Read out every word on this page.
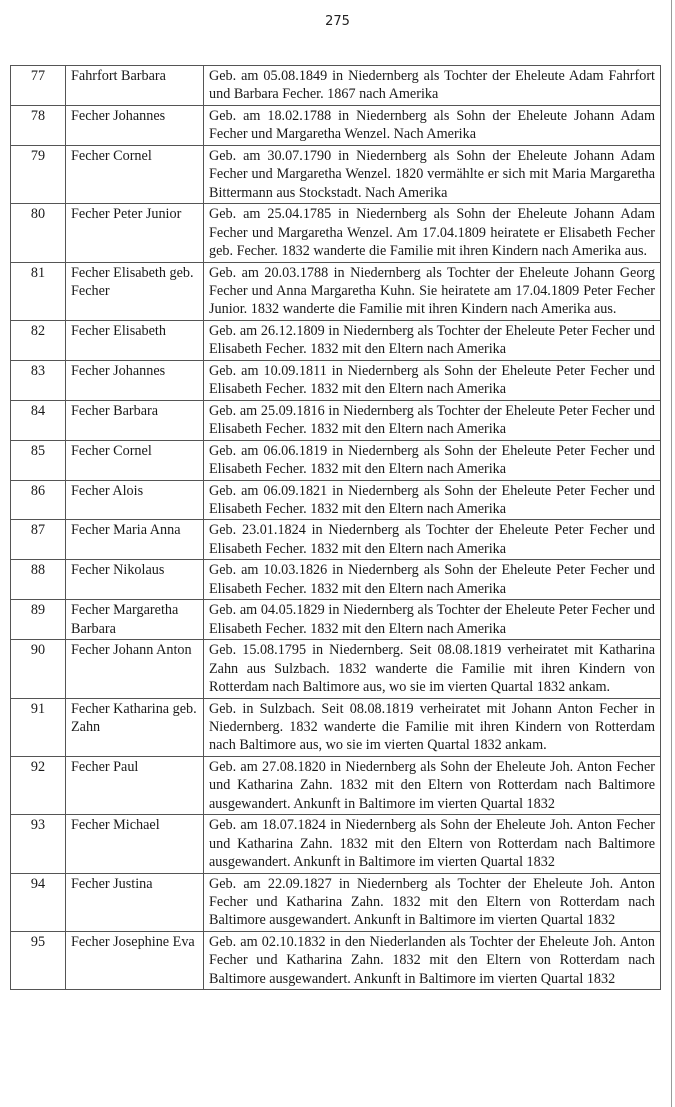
275
77	Fahrfort Barbara	Geb. am 05.08.1849 in Niedernberg als Tochter der Eheleute Adam Fahrfort und Barbara Fecher. 1867 nach Amerika

78	Fecher Johannes	Geb. am 18.02.1788 in Niedernberg als Sohn der Eheleute Johann Adam Fecher und Margaretha Wenzel. Nach Amerika

79	Fecher Cornel	Geb. am 30.07.1790 in Niedernberg als Sohn der Eheleute Johann Adam Fecher und Margaretha Wenzel. 1820 vermählte er sich mit Maria Margaretha Bittermann aus Stockstadt. Nach Amerika

80	Fecher Peter Junior	Geb. am 25.04.1785 in Niedernberg als Sohn der Eheleute Johann Adam Fecher und Margaretha Wenzel. Am 17.04.1809 heiratete er Elisabeth Fecher geb. Fecher. 1832 wanderte die Familie mit ihren Kindern nach Amerika aus.

81	Fecher Elisabeth geb. Fecher	Geb. am 20.03.1788 in Niedernberg als Tochter der Eheleute Johann Georg Fecher und Anna Margaretha Kuhn. Sie heiratete am 17.04.1809 Peter Fecher Junior. 1832 wanderte die Familie mit ihren Kindern nach Amerika aus.

82	Fecher Elisabeth	Geb. am 26.12.1809 in Niedernberg als Tochter der Eheleute Peter Fecher und Elisabeth Fecher. 1832 mit den Eltern nach Amerika

83	Fecher Johannes	Geb. am 10.09.1811 in Niedernberg als Sohn der Eheleute Peter Fecher und Elisabeth Fecher. 1832 mit den Eltern nach Amerika

84	Fecher Barbara	Geb. am 25.09.1816 in Niedernberg als Tochter der Eheleute Peter Fecher und Elisabeth Fecher. 1832 mit den Eltern nach Amerika

85	Fecher Cornel	Geb. am 06.06.1819 in Niedernberg als Sohn der Eheleute Peter Fecher und Elisabeth Fecher. 1832 mit den Eltern nach Amerika

86	Fecher Alois	Geb. am 06.09.1821 in Niedernberg als Sohn der Eheleute Peter Fecher und Elisabeth Fecher. 1832 mit den Eltern nach Amerika

87	Fecher Maria Anna	Geb. 23.01.1824 in Niedernberg als Tochter der Eheleute Peter Fecher und Elisabeth Fecher. 1832 mit den Eltern nach Amerika

88	Fecher Nikolaus	Geb. am 10.03.1826 in Niedernberg als Sohn der Eheleute Peter Fecher und Elisabeth Fecher. 1832 mit den Eltern nach Amerika

89	Fecher Margaretha Barbara	Geb. am 04.05.1829 in Niedernberg als Tochter der Eheleute Peter Fecher und Elisabeth Fecher. 1832 mit den Eltern nach Amerika

90	Fecher Johann Anton	Geb. 15.08.1795 in Niedernberg. Seit 08.08.1819 verheiratet mit Katharina Zahn aus Sulzbach. 1832 wanderte die Familie mit ihren Kindern von Rotterdam nach Baltimore aus, wo sie im vierten Quartal 1832 ankam.

91	Fecher Katharina geb. Zahn	Geb. in Sulzbach. Seit 08.08.1819 verheiratet mit Johann Anton Fecher in Niedernberg. 1832 wanderte die Familie mit ihren Kindern von Rotterdam nach Baltimore aus, wo sie im vierten Quartal 1832 ankam.

92	Fecher Paul	Geb. am 27.08.1820 in Niedernberg als Sohn der Eheleute Joh. Anton Fecher und Katharina Zahn. 1832 mit den Eltern von Rotterdam nach Baltimore ausgewandert. Ankunft in Baltimore im vierten Quartal 1832

93	Fecher Michael	Geb. am 18.07.1824 in Niedernberg als Sohn der Eheleute Joh. Anton Fecher und Katharina Zahn. 1832 mit den Eltern von Rotterdam nach Baltimore ausgewandert. Ankunft in Baltimore im vierten Quartal 1832

94	Fecher Justina	Geb. am 22.09.1827 in Niedernberg als Tochter der Eheleute Joh. Anton Fecher und Katharina Zahn. 1832 mit den Eltern von Rotterdam nach Baltimore ausgewandert. Ankunft in Baltimore im vierten Quartal 1832

95	Fecher Josephine Eva	Geb. am 02.10.1832 in den Niederlanden als Tochter der Eheleute Joh. Anton Fecher und Katharina Zahn. 1832 mit den Eltern von Rotterdam nach Baltimore ausgewandert. Ankunft in Baltimore im vierten Quartal 1832
